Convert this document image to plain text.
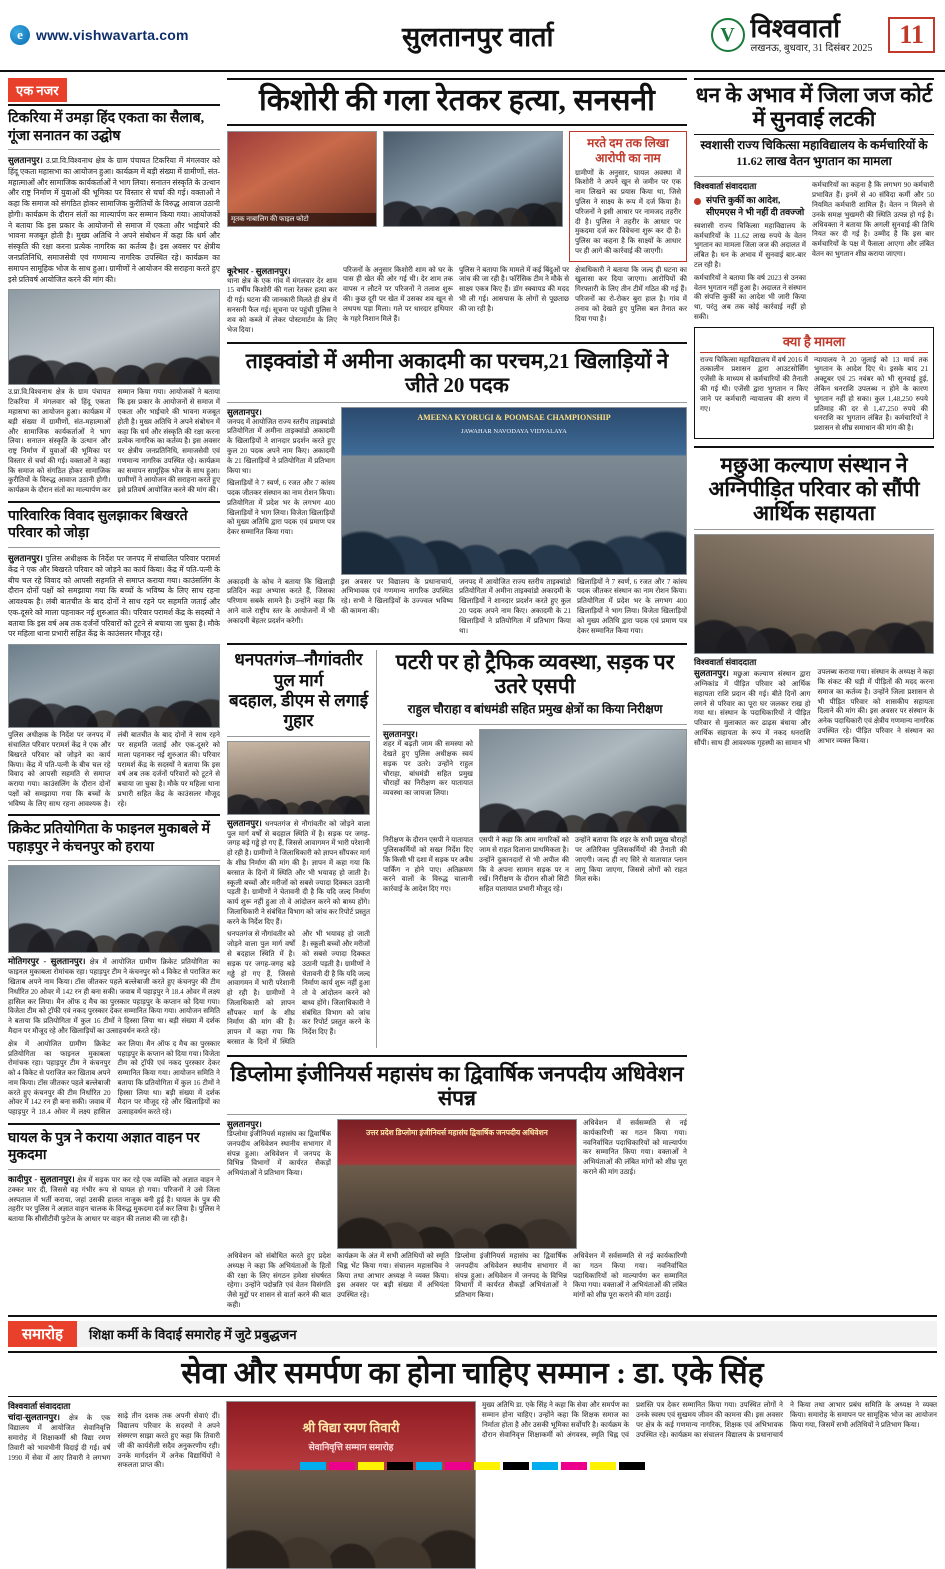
e www.vishwavarta.com	सुलतानपुर वार्ता	V विश्ववार्ता
लखनऊ, बुधवार, 31 दिसंबर 2025	11
एक नजर
टिकरिया में उमड़ा हिंद एकता का सैलाब, गूंजा सनातन का उद्घोष
सुलतानपुर। उ.प्रा.वि.विश्वनाथ क्षेत्र के ग्राम पंचायत टिकरिया में मंगलवार को हिंदू एकता महासभा का आयोजन हुआ। कार्यक्रम में बड़ी संख्या में ग्रामीणों, संत-महात्माओं और सामाजिक कार्यकर्ताओं ने भाग लिया। सनातन संस्कृति के उत्थान और राष्ट्र निर्माण में युवाओं की भूमिका पर विस्तार से चर्चा की गई। वक्ताओं ने कहा कि समाज को संगठित होकर सामाजिक कुरीतियों के विरुद्ध आवाज उठानी होगी। कार्यक्रम के दौरान संतों का माल्यार्पण कर सम्मान किया गया। आयोजकों ने बताया कि इस प्रकार के आयोजनों से समाज में एकता और भाईचारे की भावना मजबूत होती है। मुख्य अतिथि ने अपने संबोधन में कहा कि धर्म और संस्कृति की रक्षा करना प्रत्येक नागरिक का कर्तव्य है। इस अवसर पर क्षेत्रीय जनप्रतिनिधि, समाजसेवी एवं गणमान्य नागरिक उपस्थित रहे। कार्यक्रम का समापन सामूहिक भोज के साथ हुआ। ग्रामीणों ने आयोजन की सराहना करते हुए इसे प्रतिवर्ष आयोजित करने की मांग की।
उ.प्रा.वि.विश्वनाथ क्षेत्र के ग्राम पंचायत टिकरिया में मंगलवार को हिंदू एकता महासभा का आयोजन हुआ। कार्यक्रम में बड़ी संख्या में ग्रामीणों, संत-महात्माओं और सामाजिक कार्यकर्ताओं ने भाग लिया। सनातन संस्कृति के उत्थान और राष्ट्र निर्माण में युवाओं की भूमिका पर विस्तार से चर्चा की गई। वक्ताओं ने कहा कि समाज को संगठित होकर सामाजिक कुरीतियों के विरुद्ध आवाज उठानी होगी। कार्यक्रम के दौरान संतों का माल्यार्पण कर सम्मान किया गया। आयोजकों ने बताया कि इस प्रकार के आयोजनों से समाज में एकता और भाईचारे की भावना मजबूत होती है। मुख्य अतिथि ने अपने संबोधन में कहा कि धर्म और संस्कृति की रक्षा करना प्रत्येक नागरिक का कर्तव्य है। इस अवसर पर क्षेत्रीय जनप्रतिनिधि, समाजसेवी एवं गणमान्य नागरिक उपस्थित रहे। कार्यक्रम का समापन सामूहिक भोज के साथ हुआ। ग्रामीणों ने आयोजन की सराहना करते हुए इसे प्रतिवर्ष आयोजित करने की मांग की।
पारिवारिक विवाद सुलझाकर बिखरते परिवार को जोड़ा
सुलतानपुर। पुलिस अधीक्षक के निर्देश पर जनपद में संचालित परिवार परामर्श केंद्र ने एक और बिखरते परिवार को जोड़ने का कार्य किया। केंद्र में पति-पत्नी के बीच चल रहे विवाद को आपसी सहमति से समाप्त कराया गया। काउंसलिंग के दौरान दोनों पक्षों को समझाया गया कि बच्चों के भविष्य के लिए साथ रहना आवश्यक है। लंबी बातचीत के बाद दोनों ने साथ रहने पर सहमति जताई और एक-दूसरे को माला पहनाकर नई शुरुआत की। परिवार परामर्श केंद्र के सदस्यों ने बताया कि इस वर्ष अब तक दर्जनों परिवारों को टूटने से बचाया जा चुका है। मौके पर महिला थाना प्रभारी सहित केंद्र के काउंसलर मौजूद रहे।
पुलिस अधीक्षक के निर्देश पर जनपद में संचालित परिवार परामर्श केंद्र ने एक और बिखरते परिवार को जोड़ने का कार्य किया। केंद्र में पति-पत्नी के बीच चल रहे विवाद को आपसी सहमति से समाप्त कराया गया। काउंसलिंग के दौरान दोनों पक्षों को समझाया गया कि बच्चों के भविष्य के लिए साथ रहना आवश्यक है। लंबी बातचीत के बाद दोनों ने साथ रहने पर सहमति जताई और एक-दूसरे को माला पहनाकर नई शुरुआत की। परिवार परामर्श केंद्र के सदस्यों ने बताया कि इस वर्ष अब तक दर्जनों परिवारों को टूटने से बचाया जा चुका है। मौके पर महिला थाना प्रभारी सहित केंद्र के काउंसलर मौजूद रहे।
क्रिकेट प्रतियोगिता के फाइनल मुकाबले में पहाड़पुर ने कंचनपुर को हराया
मोतिगरपुर - सुलतानपुर। क्षेत्र में आयोजित ग्रामीण क्रिकेट प्रतियोगिता का फाइनल मुकाबला रोमांचक रहा। पहाड़पुर टीम ने कंचनपुर को 4 विकेट से पराजित कर खिताब अपने नाम किया। टॉस जीतकर पहले बल्लेबाजी करते हुए कंचनपुर की टीम निर्धारित 20 ओवर में 142 रन ही बना सकी। जवाब में पहाड़पुर ने 18.4 ओवर में लक्ष्य हासिल कर लिया। मैन ऑफ द मैच का पुरस्कार पहाड़पुर के कप्तान को दिया गया। विजेता टीम को ट्रॉफी एवं नकद पुरस्कार देकर सम्मानित किया गया। आयोजन समिति ने बताया कि प्रतियोगिता में कुल 16 टीमों ने हिस्सा लिया था। बड़ी संख्या में दर्शक मैदान पर मौजूद रहे और खिलाड़ियों का उत्साहवर्धन करते रहे।
क्षेत्र में आयोजित ग्रामीण क्रिकेट प्रतियोगिता का फाइनल मुकाबला रोमांचक रहा। पहाड़पुर टीम ने कंचनपुर को 4 विकेट से पराजित कर खिताब अपने नाम किया। टॉस जीतकर पहले बल्लेबाजी करते हुए कंचनपुर की टीम निर्धारित 20 ओवर में 142 रन ही बना सकी। जवाब में पहाड़पुर ने 18.4 ओवर में लक्ष्य हासिल कर लिया। मैन ऑफ द मैच का पुरस्कार पहाड़पुर के कप्तान को दिया गया। विजेता टीम को ट्रॉफी एवं नकद पुरस्कार देकर सम्मानित किया गया। आयोजन समिति ने बताया कि प्रतियोगिता में कुल 16 टीमों ने हिस्सा लिया था। बड़ी संख्या में दर्शक मैदान पर मौजूद रहे और खिलाड़ियों का उत्साहवर्धन करते रहे।
घायल के पुत्र ने कराया अज्ञात वाहन पर मुकदमा
कादीपुर - सुलतानपुर। क्षेत्र में सड़क पार कर रहे एक व्यक्ति को अज्ञात वाहन ने टक्कर मार दी, जिससे वह गंभीर रूप से घायल हो गया। परिजनों ने उसे जिला अस्पताल में भर्ती कराया, जहां उसकी हालत नाजुक बनी हुई है। घायल के पुत्र की तहरीर पर पुलिस ने अज्ञात वाहन चालक के विरुद्ध मुकदमा दर्ज कर लिया है। पुलिस ने बताया कि सीसीटीवी फुटेज के आधार पर वाहन की तलाश की जा रही है।
किशोरी की गला रेतकर हत्या, सनसनी
मृतक नाबालिग की फाइल फोटो
मरते दम तक लिखा आरोपी का नाम
ग्रामीणों के अनुसार, घायल अवस्था में किशोरी ने अपने खून से जमीन पर एक नाम लिखने का प्रयास किया था, जिसे पुलिस ने साक्ष्य के रूप में दर्ज किया है। परिजनों ने इसी आधार पर नामजद तहरीर दी है। पुलिस ने तहरीर के आधार पर मुकदमा दर्ज कर विवेचना शुरू कर दी है। पुलिस का कहना है कि साक्ष्यों के आधार पर ही आगे की कार्रवाई की जाएगी।
कूरेभार - सुलतानपुर।
थाना क्षेत्र के एक गांव में मंगलवार देर शाम 15 वर्षीय किशोरी की गला रेतकर हत्या कर दी गई। घटना की जानकारी मिलते ही क्षेत्र में सनसनी फैल गई। सूचना पर पहुंची पुलिस ने शव को कब्जे में लेकर पोस्टमार्टम के लिए भेज दिया।
परिजनों के अनुसार किशोरी शाम को घर के पास ही खेत की ओर गई थी। देर शाम तक वापस न लौटने पर परिजनों ने तलाश शुरू की। कुछ दूरी पर खेत में उसका शव खून से लथपथ पड़ा मिला। गले पर धारदार हथियार के गहरे निशान मिले हैं।
पुलिस ने बताया कि मामले में कई बिंदुओं पर जांच की जा रही है। फॉरेंसिक टीम ने मौके से साक्ष्य एकत्र किए हैं। डॉग स्क्वायड की मदद भी ली गई। आसपास के लोगों से पूछताछ की जा रही है।
क्षेत्राधिकारी ने बताया कि जल्द ही घटना का खुलासा कर दिया जाएगा। आरोपियों की गिरफ्तारी के लिए तीन टीमें गठित की गई हैं। परिजनों का रो-रोकर बुरा हाल है। गांव में तनाव को देखते हुए पुलिस बल तैनात कर दिया गया है।
ताइक्वांडो में अमीना अकादमी का परचम,21 खिलाड़ियों ने जीते 20 पदक
सुलतानपुर।
जनपद में आयोजित राज्य स्तरीय ताइक्वांडो प्रतियोगिता में अमीना ताइक्वांडो अकादमी के खिलाड़ियों ने शानदार प्रदर्शन करते हुए कुल 20 पदक अपने नाम किए। अकादमी के 21 खिलाड़ियों ने प्रतियोगिता में प्रतिभाग किया था।
खिलाड़ियों ने 7 स्वर्ण, 6 रजत और 7 कांस्य पदक जीतकर संस्थान का नाम रोशन किया। प्रतियोगिता में प्रदेश भर के लगभग 400 खिलाड़ियों ने भाग लिया। विजेता खिलाड़ियों को मुख्य अतिथि द्वारा पदक एवं प्रमाण पत्र देकर सम्मानित किया गया।
AMEENA KYORUGI & POOMSAE CHAMPIONSHIP
JAWAHAR NAVODAYA VIDYALAYA
अकादमी के कोच ने बताया कि खिलाड़ी प्रतिदिन कड़ा अभ्यास करते हैं, जिसका परिणाम सबके सामने है। उन्होंने कहा कि आने वाले राष्ट्रीय स्तर के आयोजनों में भी अकादमी बेहतर प्रदर्शन करेगी।
इस अवसर पर विद्यालय के प्रधानाचार्य, अभिभावक एवं गणमान्य नागरिक उपस्थित रहे। सभी ने खिलाड़ियों के उज्ज्वल भविष्य की कामना की।
जनपद में आयोजित राज्य स्तरीय ताइक्वांडो प्रतियोगिता में अमीना ताइक्वांडो अकादमी के खिलाड़ियों ने शानदार प्रदर्शन करते हुए कुल 20 पदक अपने नाम किए। अकादमी के 21 खिलाड़ियों ने प्रतियोगिता में प्रतिभाग किया था।
खिलाड़ियों ने 7 स्वर्ण, 6 रजत और 7 कांस्य पदक जीतकर संस्थान का नाम रोशन किया। प्रतियोगिता में प्रदेश भर के लगभग 400 खिलाड़ियों ने भाग लिया। विजेता खिलाड़ियों को मुख्य अतिथि द्वारा पदक एवं प्रमाण पत्र देकर सम्मानित किया गया।
धनपतगंज–नौगांवतीर पुल मार्ग
बदहाल, डीएम से लगाई गुहार
सुलतानपुर। धनपतगंज से नौगांवतीर को जोड़ने वाला पुल मार्ग वर्षों से बदहाल स्थिति में है। सड़क पर जगह-जगह बड़े गड्ढे हो गए हैं, जिससे आवागमन में भारी परेशानी हो रही है। ग्रामीणों ने जिलाधिकारी को ज्ञापन सौंपकर मार्ग के शीघ्र निर्माण की मांग की है। ज्ञापन में कहा गया कि बरसात के दिनों में स्थिति और भी भयावह हो जाती है। स्कूली बच्चों और मरीजों को सबसे ज्यादा दिक्कत उठानी पड़ती है। ग्रामीणों ने चेतावनी दी है कि यदि जल्द निर्माण कार्य शुरू नहीं हुआ तो वे आंदोलन करने को बाध्य होंगे। जिलाधिकारी ने संबंधित विभाग को जांच कर रिपोर्ट प्रस्तुत करने के निर्देश दिए हैं।
धनपतगंज से नौगांवतीर को जोड़ने वाला पुल मार्ग वर्षों से बदहाल स्थिति में है। सड़क पर जगह-जगह बड़े गड्ढे हो गए हैं, जिससे आवागमन में भारी परेशानी हो रही है। ग्रामीणों ने जिलाधिकारी को ज्ञापन सौंपकर मार्ग के शीघ्र निर्माण की मांग की है। ज्ञापन में कहा गया कि बरसात के दिनों में स्थिति और भी भयावह हो जाती है। स्कूली बच्चों और मरीजों को सबसे ज्यादा दिक्कत उठानी पड़ती है। ग्रामीणों ने चेतावनी दी है कि यदि जल्द निर्माण कार्य शुरू नहीं हुआ तो वे आंदोलन करने को बाध्य होंगे। जिलाधिकारी ने संबंधित विभाग को जांच कर रिपोर्ट प्रस्तुत करने के निर्देश दिए हैं।
पटरी पर हो ट्रैफिक व्यवस्था, सड़क पर उतरे एसपी
राहुल चौराहा व बांधमंडी सहित प्रमुख क्षेत्रों का किया निरीक्षण
सुलतानपुर।
शहर में बढ़ती जाम की समस्या को देखते हुए पुलिस अधीक्षक स्वयं सड़क पर उतरे। उन्होंने राहुल चौराहा, बांधमंडी सहित प्रमुख चौराहों का निरीक्षण कर यातायात व्यवस्था का जायजा लिया।
निरीक्षण के दौरान एसपी ने यातायात पुलिसकर्मियों को सख्त निर्देश दिए कि किसी भी दशा में सड़क पर अवैध पार्किंग न होने पाए। अतिक्रमण करने वालों के विरुद्ध चालानी कार्रवाई के आदेश दिए गए।
एसपी ने कहा कि आम नागरिकों को जाम से राहत दिलाना प्राथमिकता है। उन्होंने दुकानदारों से भी अपील की कि वे अपना सामान सड़क पर न रखें। निरीक्षण के दौरान सीओ सिटी सहित यातायात प्रभारी मौजूद रहे।
उन्होंने बताया कि शहर के सभी प्रमुख चौराहों पर अतिरिक्त पुलिसकर्मियों की तैनाती की जाएगी। जल्द ही नए सिरे से यातायात प्लान लागू किया जाएगा, जिससे लोगों को राहत मिल सके।
डिप्लोमा इंजीनियर्स महासंघ का द्विवार्षिक जनपदीय अधिवेशन संपन्न
सुलतानपुर।
डिप्लोमा इंजीनियर्स महासंघ का द्विवार्षिक जनपदीय अधिवेशन स्थानीय सभागार में संपन्न हुआ। अधिवेशन में जनपद के विभिन्न विभागों में कार्यरत सैकड़ों अभियंताओं ने प्रतिभाग किया।
उत्तर प्रदेश डिप्लोमा इंजीनियर्स महासंघ द्विवार्षिक जनपदीय अधिवेशन
अधिवेशन में सर्वसम्मति से नई कार्यकारिणी का गठन किया गया। नवनिर्वाचित पदाधिकारियों को माल्यार्पण कर सम्मानित किया गया। वक्ताओं ने अभियंताओं की लंबित मांगों को शीघ्र पूरा कराने की मांग उठाई।
अधिवेशन को संबोधित करते हुए प्रदेश अध्यक्ष ने कहा कि अभियंताओं के हितों की रक्षा के लिए संगठन हमेशा संघर्षरत रहेगा। उन्होंने पदोन्नति एवं वेतन विसंगति जैसे मुद्दों पर शासन से वार्ता करने की बात कही।
कार्यक्रम के अंत में सभी अतिथियों को स्मृति चिह्न भेंट किया गया। संचालन महासचिव ने किया तथा आभार अध्यक्ष ने व्यक्त किया। इस अवसर पर बड़ी संख्या में अभियंता उपस्थित रहे।
डिप्लोमा इंजीनियर्स महासंघ का द्विवार्षिक जनपदीय अधिवेशन स्थानीय सभागार में संपन्न हुआ। अधिवेशन में जनपद के विभिन्न विभागों में कार्यरत सैकड़ों अभियंताओं ने प्रतिभाग किया।
अधिवेशन में सर्वसम्मति से नई कार्यकारिणी का गठन किया गया। नवनिर्वाचित पदाधिकारियों को माल्यार्पण कर सम्मानित किया गया। वक्ताओं ने अभियंताओं की लंबित मांगों को शीघ्र पूरा कराने की मांग उठाई।
धन के अभाव में जिला जज कोर्ट में सुनवाई लटकी
स्वशासी राज्य चिकित्सा महाविद्यालय के कर्मचारियों के 11.62 लाख वेतन भुगतान का मामला
विश्ववार्ता संवाददाता
संपत्ति कुर्की का आदेश, सीएमएस ने भी नहीं दी तवज्जो
स्वशासी राज्य चिकित्सा महाविद्यालय के कर्मचारियों के 11.62 लाख रुपये के वेतन भुगतान का मामला जिला जज की अदालत में लंबित है। धन के अभाव में सुनवाई बार-बार टल रही है।
कर्मचारियों ने बताया कि वर्ष 2023 से उनका वेतन भुगतान नहीं हुआ है। अदालत ने संस्थान की संपत्ति कुर्की का आदेश भी जारी किया था, परंतु अब तक कोई कार्रवाई नहीं हो सकी।
कर्मचारियों का कहना है कि लगभग 90 कर्मचारी प्रभावित हैं। इनमें से 40 संविदा कर्मी और 50 नियमित कर्मचारी शामिल हैं। वेतन न मिलने से उनके समक्ष भुखमरी की स्थिति उत्पन्न हो गई है। अधिवक्ता ने बताया कि अगली सुनवाई की तिथि नियत कर दी गई है। उम्मीद है कि इस बार कर्मचारियों के पक्ष में फैसला आएगा और लंबित वेतन का भुगतान शीघ्र कराया जाएगा।
क्या है मामला
राज्य चिकित्सा महाविद्यालय में वर्ष 2016 में तत्कालीन प्रशासन द्वारा आउटसोर्सिंग एजेंसी के माध्यम से कर्मचारियों की तैनाती की गई थी। एजेंसी द्वारा भुगतान न किए जाने पर कर्मचारी न्यायालय की शरण में गए।
न्यायालय ने 20 जुलाई को 13 मार्च तक भुगतान के आदेश दिए थे। इसके बाद 21 अक्टूबर एवं 25 नवंबर को भी सुनवाई हुई, लेकिन धनराशि उपलब्ध न होने के कारण भुगतान नहीं हो सका। कुल 1,48,250 रुपये प्रतिमाह की दर से 1,47,250 रुपये की धनराशि का भुगतान लंबित है। कर्मचारियों ने प्रशासन से शीघ्र समाधान की मांग की है।
मछुआ कल्याण संस्थान ने अग्निपीड़ित परिवार को सौंपी आर्थिक सहायता
विश्ववार्ता संवाददाता
सुलतानपुर। मछुआ कल्याण संस्थान द्वारा अग्निकांड में पीड़ित परिवार को आर्थिक सहायता राशि प्रदान की गई। बीते दिनों आग लगने से परिवार का पूरा घर जलकर राख हो गया था। संस्थान के पदाधिकारियों ने पीड़ित परिवार से मुलाकात कर ढाढ़स बंधाया और आर्थिक सहायता के रूप में नकद धनराशि सौंपी। साथ ही आवश्यक गृहस्थी का सामान भी उपलब्ध कराया गया। संस्थान के अध्यक्ष ने कहा कि संकट की घड़ी में पीड़ितों की मदद करना समाज का कर्तव्य है। उन्होंने जिला प्रशासन से भी पीड़ित परिवार को शासकीय सहायता दिलाने की मांग की। इस अवसर पर संस्थान के अनेक पदाधिकारी एवं क्षेत्रीय गणमान्य नागरिक उपस्थित रहे। पीड़ित परिवार ने संस्थान का आभार व्यक्त किया।
समारोह	शिक्षा कर्मी के विदाई समारोह में जुटे प्रबुद्धजन
सेवा और समर्पण का होना चाहिए सम्मान : डा. एके सिंह
विश्ववार्ता संवाददाता
चांदा-सुलतानपुर। क्षेत्र के एक विद्यालय में आयोजित सेवानिवृत्ति समारोह में शिक्षाकर्मी श्री विद्या रमण तिवारी को भावभीनी विदाई दी गई। वर्ष 1990 में सेवा में आए तिवारी ने लगभग साढ़े तीन दशक तक अपनी सेवाएं दीं। विद्यालय परिवार के सदस्यों ने अपने संस्मरण साझा करते हुए कहा कि तिवारी जी की कार्यशैली सदैव अनुकरणीय रही। उनके मार्गदर्शन में अनेक विद्यार्थियों ने सफलता प्राप्त की।
श्री विद्या रमण तिवारी
सेवानिवृत्ति सम्मान समारोह
मुख्य अतिथि डा. एके सिंह ने कहा कि सेवा और समर्पण का सम्मान होना चाहिए। उन्होंने कहा कि शिक्षक समाज का निर्माता होता है और उसकी भूमिका सर्वोपरि है। कार्यक्रम के दौरान सेवानिवृत्त शिक्षाकर्मी को अंगवस्त्र, स्मृति चिह्न एवं प्रशस्ति पत्र देकर सम्मानित किया गया। उपस्थित लोगों ने उनके स्वस्थ एवं सुखमय जीवन की कामना की। इस अवसर पर क्षेत्र के कई गणमान्य नागरिक, शिक्षक एवं अभिभावक उपस्थित रहे। कार्यक्रम का संचालन विद्यालय के प्रधानाचार्य ने किया तथा आभार प्रबंध समिति के अध्यक्ष ने व्यक्त किया। समारोह के समापन पर सामूहिक भोज का आयोजन किया गया, जिसमें सभी अतिथियों ने प्रतिभाग किया।
